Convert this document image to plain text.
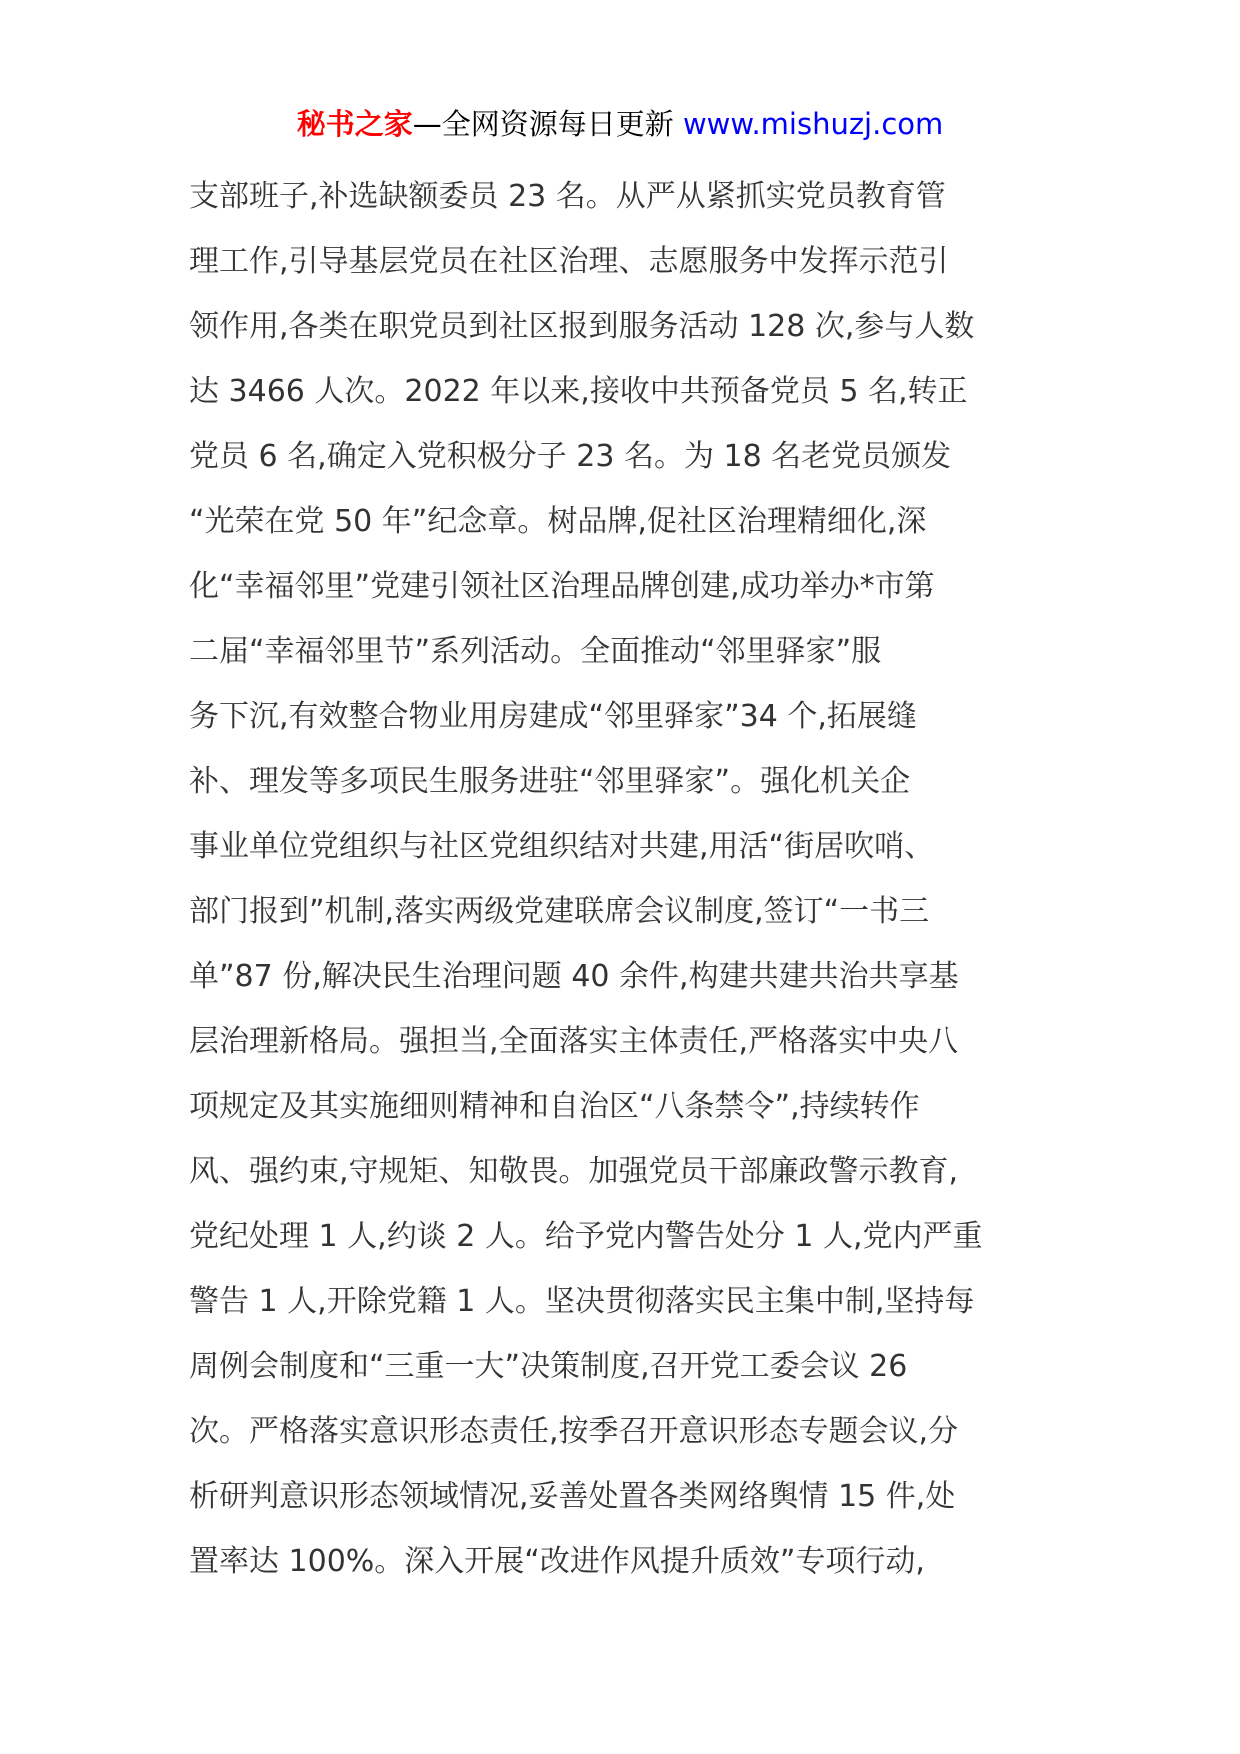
秘书之家—全网资源每日更新 www.mishuzj.com
支部班子,补选缺额委员 23 名。从严从紧抓实党员教育管
理工作,引导基层党员在社区治理、志愿服务中发挥示范引
领作用,各类在职党员到社区报到服务活动 128 次,参与人数
达 3466 人次。2022 年以来,接收中共预备党员 5 名,转正
党员 6 名,确定入党积极分子 23 名。为 18 名老党员颁发
“光荣在党 50 年”纪念章。树品牌,促社区治理精细化,深
化“幸福邻里”党建引领社区治理品牌创建,成功举办*市第
二届“幸福邻里节”系列活动。全面推动“邻里驿家”服
务下沉,有效整合物业用房建成“邻里驿家”34 个,拓展缝
补、理发等多项民生服务进驻“邻里驿家”。强化机关企
事业单位党组织与社区党组织结对共建,用活“街居吹哨、
部门报到”机制,落实两级党建联席会议制度,签订“一书三
单”87 份,解决民生治理问题 40 余件,构建共建共治共享基
层治理新格局。强担当,全面落实主体责任,严格落实中央八
项规定及其实施细则精神和自治区“八条禁令”,持续转作
风、强约束,守规矩、知敬畏。加强党员干部廉政警示教育,
党纪处理 1 人,约谈 2 人。给予党内警告处分 1 人,党内严重
警告 1 人,开除党籍 1 人。坚决贯彻落实民主集中制,坚持每
周例会制度和“三重一大”决策制度,召开党工委会议 26
次。严格落实意识形态责任,按季召开意识形态专题会议,分
析研判意识形态领域情况,妥善处置各类网络舆情 15 件,处
置率达 100%。深入开展“改进作风提升质效”专项行动,
